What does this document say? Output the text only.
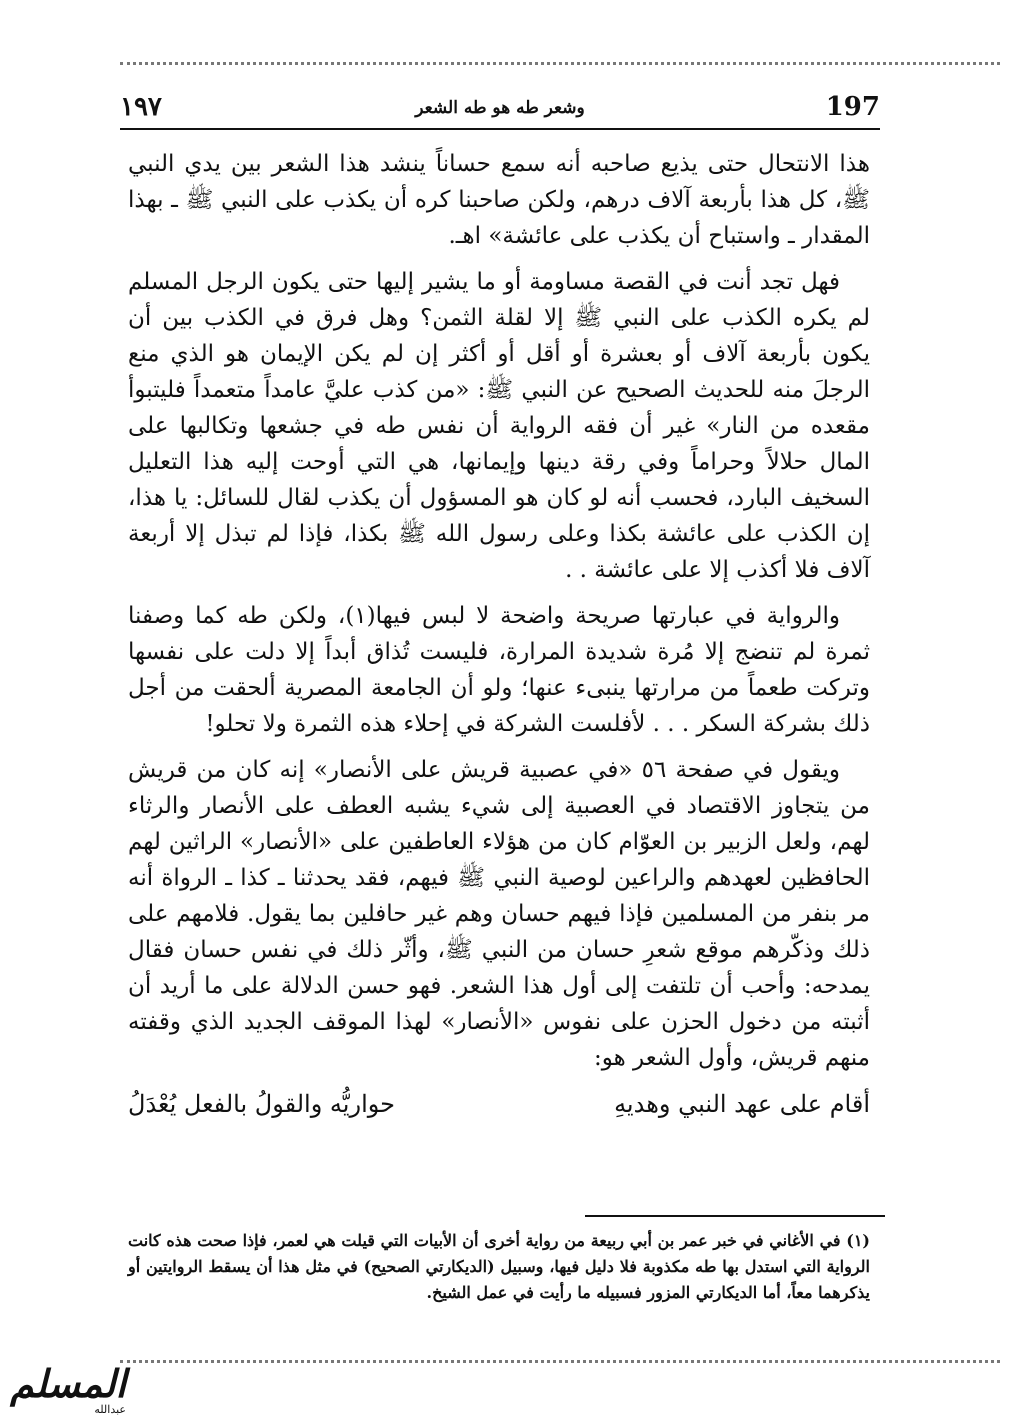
197
وشعر طه هو طه الشعر
١٩٧

هذا الانتحال حتى يذيع صاحبه أنه سمع حساناً ينشد هذا الشعر بين يدي النبي ﷺ، كل هذا بأربعة آلاف درهم، ولكن صاحبنا كره أن يكذب على النبي ﷺ ـ بهذا المقدار ـ واستباح أن يكذب على عائشة» اهـ.

فهل تجد أنت في القصة مساومة أو ما يشير إليها حتى يكون الرجل المسلم لم يكره الكذب على النبي ﷺ إلا لقلة الثمن؟ وهل فرق في الكذب بين أن يكون بأربعة آلاف أو بعشرة أو أقل أو أكثر إن لم يكن الإيمان هو الذي منع الرجلَ منه للحديث الصحيح عن النبي ﷺ: «من كذب عليَّ عامداً متعمداً فليتبوأ مقعده من النار» غير أن فقه الرواية أن نفس طه في جشعها وتكالبها على المال حلالاً وحراماً وفي رقة دينها وإيمانها، هي التي أوحت إليه هذا التعليل السخيف البارد، فحسب أنه لو كان هو المسؤول أن يكذب لقال للسائل: يا هذا، إن الكذب على عائشة بكذا وعلى رسول الله ﷺ بكذا، فإذا لم تبذل إلا أربعة آلاف فلا أكذب إلا على عائشة . .

والرواية في عبارتها صريحة واضحة لا لبس فيها(١)، ولكن طه كما وصفنا ثمرة لم تنضج إلا مُرة شديدة المرارة، فليست تُذاق أبداً إلا دلت على نفسها وتركت طعماً من مرارتها ينبىء عنها؛ ولو أن الجامعة المصرية ألحقت من أجل ذلك بشركة السكر . . . لأفلست الشركة في إحلاء هذه الثمرة ولا تحلو!

ويقول في صفحة ٥٦ «في عصبية قريش على الأنصار» إنه كان من قريش من يتجاوز الاقتصاد في العصبية إلى شيء يشبه العطف على الأنصار والرثاء لهم، ولعل الزبير بن العوّام كان من هؤلاء العاطفين على «الأنصار» الراثين لهم الحافظين لعهدهم والراعين لوصية النبي ﷺ فيهم، فقد يحدثنا ـ كذا ـ الرواة أنه مر بنفر من المسلمين فإذا فيهم حسان وهم غير حافلين بما يقول. فلامهم على ذلك وذكّرهم موقع شعرِ حسان من النبي ﷺ، وأثّر ذلك في نفس حسان فقال يمدحه: وأحب أن تلتفت إلى أول هذا الشعر. فهو حسن الدلالة على ما أريد أن أثبته من دخول الحزن على نفوس «الأنصار» لهذا الموقف الجديد الذي وقفته منهم قريش، وأول الشعر هو:

أقام على عهد النبي وهديهِ
حواريُّه والقولُ بالفعل يُعْدَلُ
(١) في الأغاني في خبر عمر بن أبي ربيعة من رواية أخرى أن الأبيات التي قيلت هي لعمر، فإذا صحت هذه كانت الرواية التي استدل بها طه مكذوبة فلا دليل فيها، وسبيل (الديكارتي الصحيح) في مثل هذا أن يسقط الروايتين أو يذكرهما معاً، أما الديكارتي المزور فسبيله ما رأيت في عمل الشيخ.
المسلم
عبدالله
